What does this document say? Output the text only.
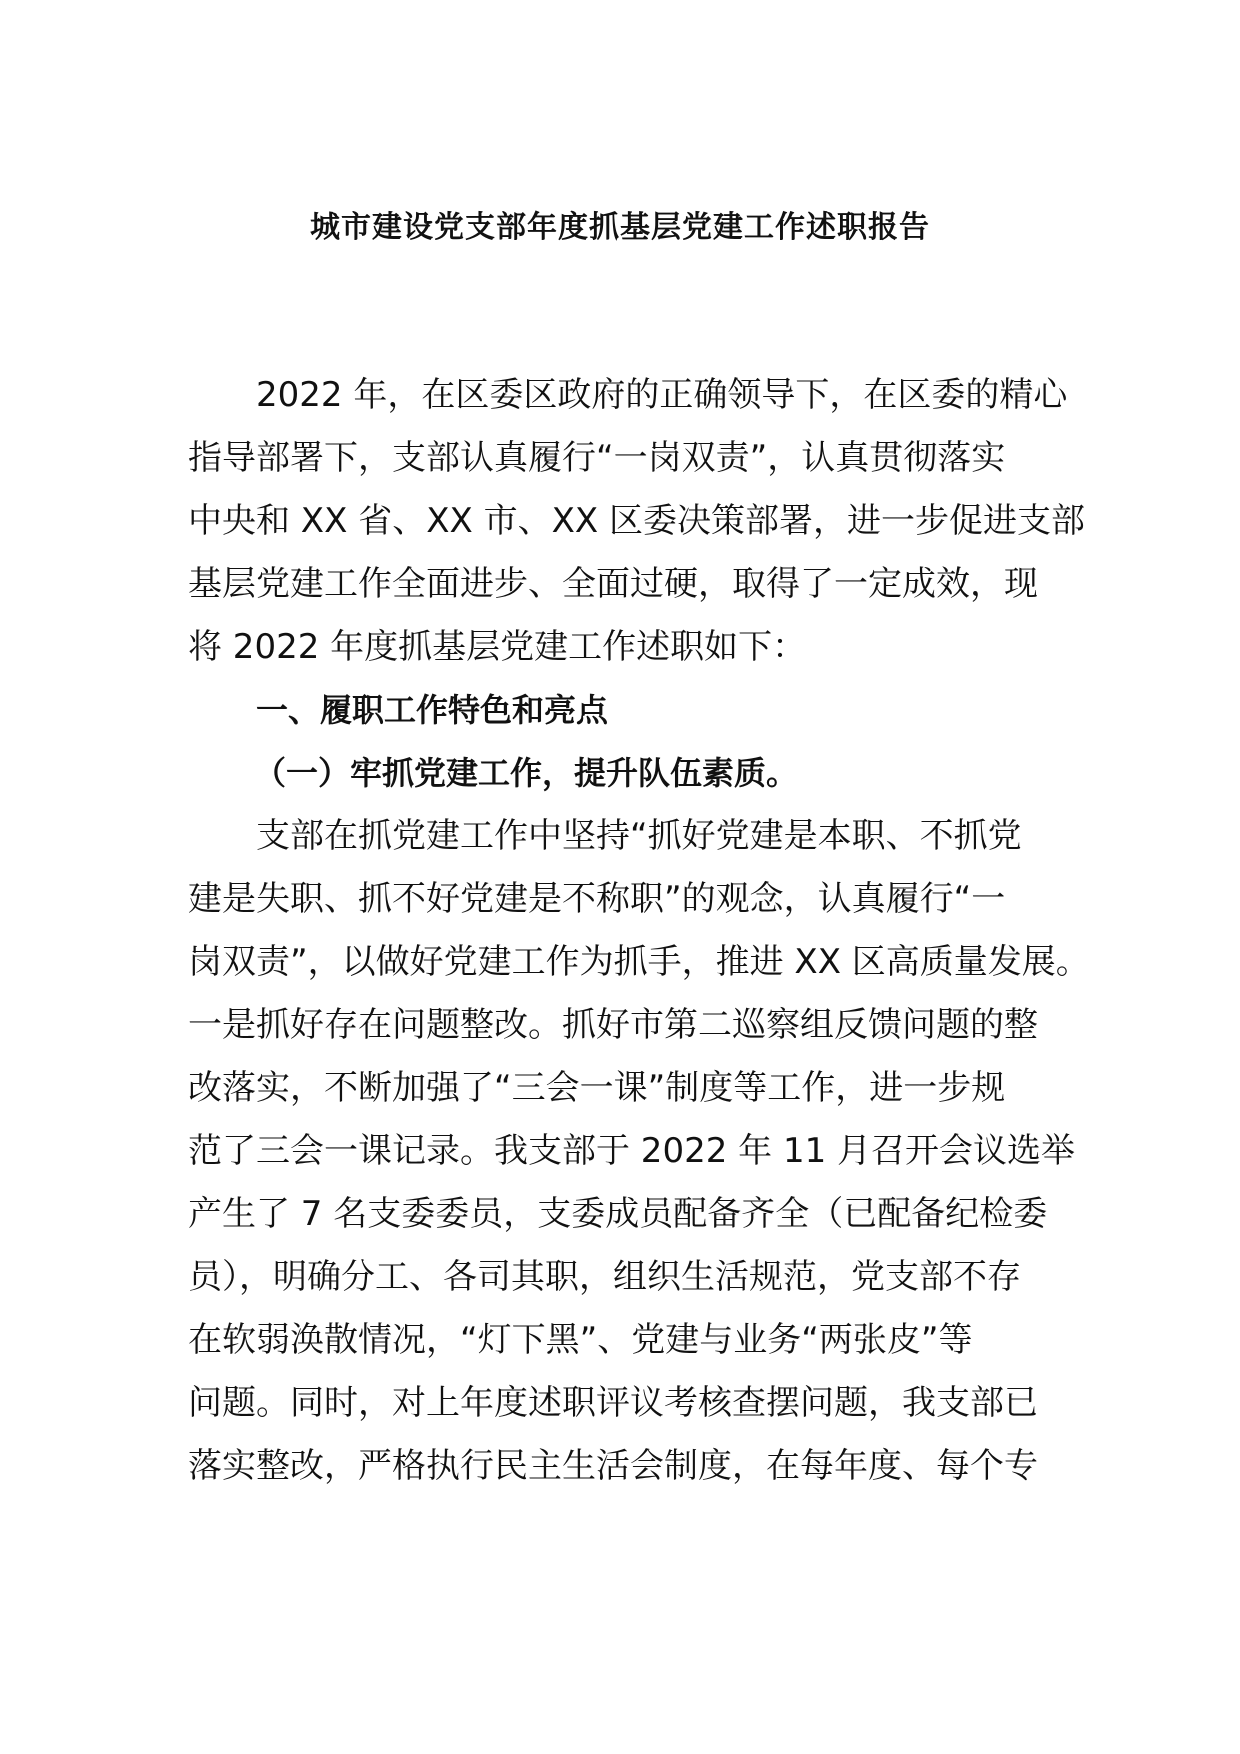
城市建设党支部年度抓基层党建工作述职报告
2022 年，在区委区政府的正确领导下，在区委的精心
指导部署下，支部认真履行“一岗双责”，认真贯彻落实
中央和 XX 省、XX 市、XX 区委决策部署，进一步促进支部
基层党建工作全面进步、全面过硬，取得了一定成效，现
将 2022 年度抓基层党建工作述职如下：
一、履职工作特色和亮点
（一）牢抓党建工作，提升队伍素质。
支部在抓党建工作中坚持“抓好党建是本职、不抓党
建是失职、抓不好党建是不称职”的观念，认真履行“一
岗双责”，以做好党建工作为抓手，推进 XX 区高质量发展。
一是抓好存在问题整改。抓好市第二巡察组反馈问题的整
改落实，不断加强了“三会一课”制度等工作，进一步规
范了三会一课记录。我支部于 2022 年 11 月召开会议选举
产生了 7 名支委委员，支委成员配备齐全（已配备纪检委
员），明确分工、各司其职，组织生活规范，党支部不存
在软弱涣散情况，“灯下黑”、党建与业务“两张皮”等
问题。同时，对上年度述职评议考核查摆问题，我支部已
落实整改，严格执行民主生活会制度，在每年度、每个专
